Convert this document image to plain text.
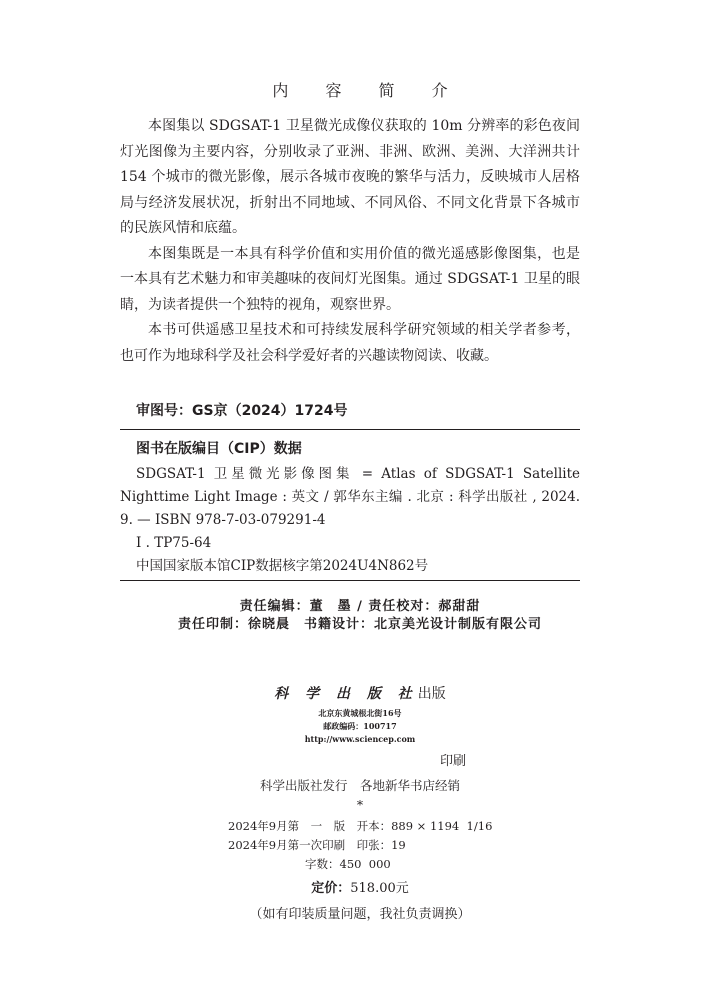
内 容 简 介

本图集以 SDGSAT-1 卫星微光成像仪获取的 10m 分辨率的彩色夜间灯光图像为主要内容，分别收录了亚洲、非洲、欧洲、美洲、大洋洲共计 154 个城市的微光影像，展示各城市夜晚的繁华与活力，反映城市人居格局与经济发展状况，折射出不同地域、不同风俗、不同文化背景下各城市的民族风情和底蕴。

本图集既是一本具有科学价值和实用价值的微光遥感影像图集，也是一本具有艺术魅力和审美趣味的夜间灯光图集。通过 SDGSAT-1 卫星的眼睛，为读者提供一个独特的视角，观察世界。

本书可供遥感卫星技术和可持续发展科学研究领域的相关学者参考，也可作为地球科学及社会科学爱好者的兴趣读物阅读、收藏。

审图号：GS京（2024）1724号
图书在版编目（CIP）数据

SDGSAT-1 卫星微光影像图集 = Atlas of SDGSAT-1 Satellite Nighttime Light Image : 英文 / 郭华东主编 . 北京 : 科学出版社 , 2024. 9. — ISBN 978-7-03-079291-4

Ⅰ . TP75-64

中国国家版本馆CIP数据核字第2024U4N862号

责任编辑：董　墨 / 责任校对：郝甜甜
责任印制：徐晓晨　书籍设计：北京美光设计制版有限公司
科 学 出 版 社出版
北京东黄城根北街16号
邮政编码：100717
http://www.sciencep.com
印刷
科学出版社发行　各地新华书店经销
*
2024年9月第　一　版　开本：889 × 1194  1/16
2024年9月第一次印刷　印张：19
字数：450  000
定价：518.00元
（如有印装质量问题，我社负责调换）
